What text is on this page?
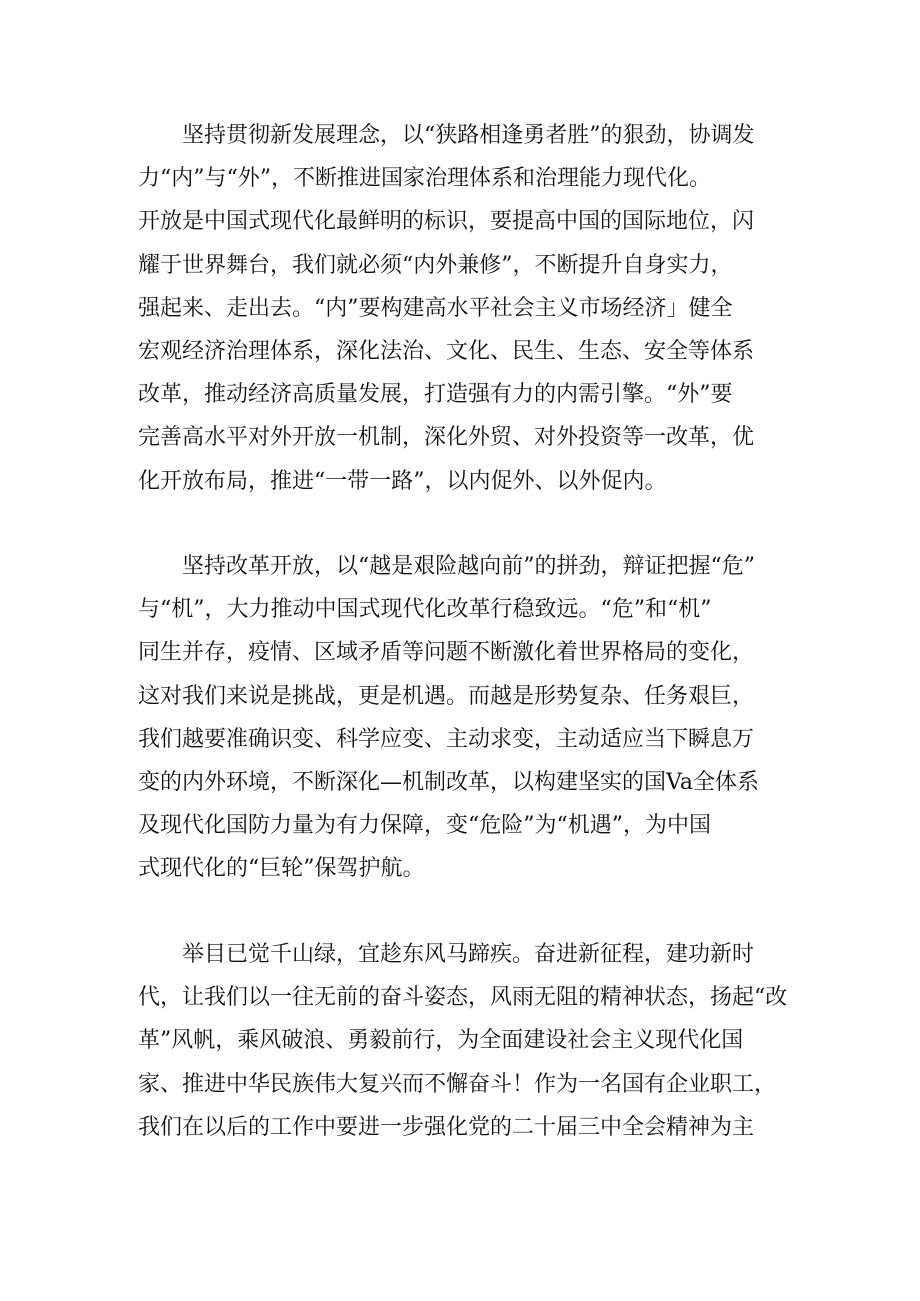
坚持贯彻新发展理念，以“狭路相逢勇者胜”的狠劲，协调发
力“内”与“外”，不断推进国家治理体系和治理能力现代化。
开放是中国式现代化最鲜明的标识，要提高中国的国际地位，闪
耀于世界舞台，我们就必须“内外兼修”，不断提升自身实力，
强起来、走出去。“内”要构建高水平社会主义市场经济」健全
宏观经济治理体系，深化法治、文化、民生、生态、安全等体系
改革，推动经济高质量发展，打造强有力的内需引擎。“外”要
完善高水平对外开放一机制，深化外贸、对外投资等一改革，优
化开放布局，推进“一带一路”，以内促外、以外促内。
坚持改革开放，以“越是艰险越向前”的拼劲，辩证把握“危”
与“机”，大力推动中国式现代化改革行稳致远。“危”和“机”
同生并存，疫情、区域矛盾等问题不断激化着世界格局的变化，
这对我们来说是挑战，更是机遇。而越是形势复杂、任务艰巨，
我们越要准确识变、科学应变、主动求变，主动适应当下瞬息万
变的内外环境，不断深化—机制改革，以构建坚实的国Va全体系
及现代化国防力量为有力保障，变“危险”为“机遇”，为中国
式现代化的“巨轮”保驾护航。
举目已觉千山绿，宜趁东风马蹄疾。奋进新征程，建功新时
代，让我们以一往无前的奋斗姿态，风雨无阻的精神状态，扬起“改
革”风帆，乘风破浪、勇毅前行，为全面建设社会主义现代化国
家、推进中华民族伟大复兴而不懈奋斗！作为一名国有企业职工，
我们在以后的工作中要进一步强化党的二十届三中全会精神为主
